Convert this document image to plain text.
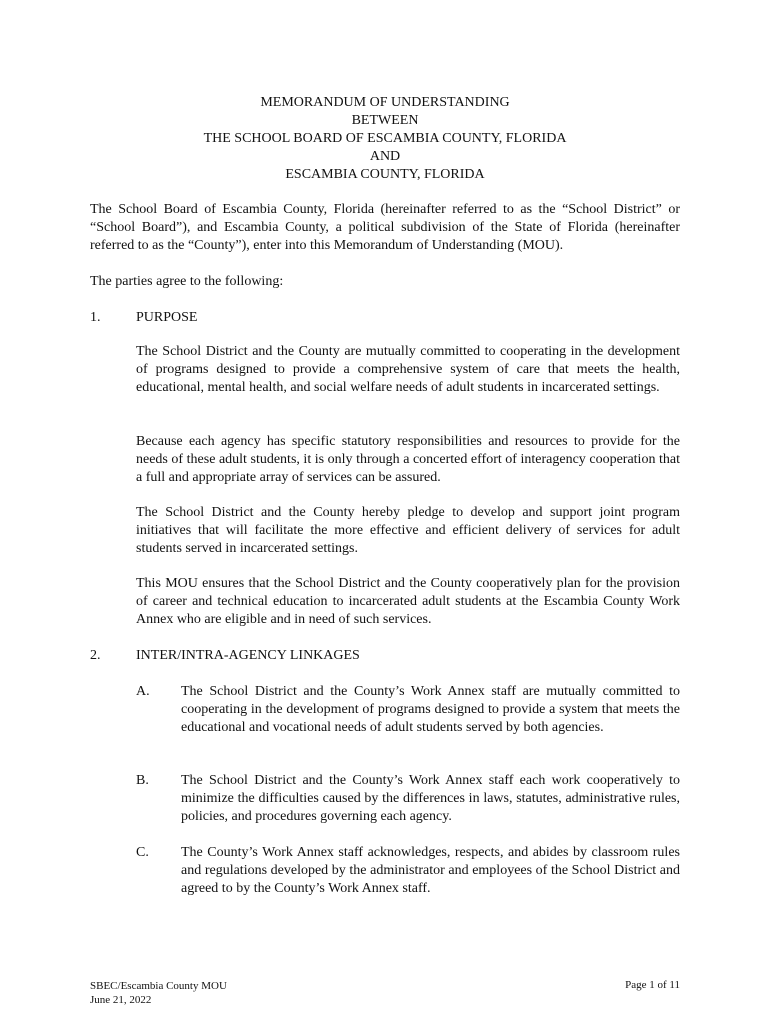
MEMORANDUM OF UNDERSTANDING
BETWEEN
THE SCHOOL BOARD OF ESCAMBIA COUNTY, FLORIDA
AND
ESCAMBIA COUNTY, FLORIDA

The School Board of Escambia County, Florida (hereinafter referred to as the “School District” or “School Board”), and Escambia County, a political subdivision of the State of Florida (hereinafter referred to as the “County”), enter into this Memorandum of Understanding (MOU).

The parties agree to the following:

1.	PURPOSE

The School District and the County are mutually committed to cooperating in the development of programs designed to provide a comprehensive system of care that meets the health, educational, mental health, and social welfare needs of adult students in incarcerated settings.

Because each agency has specific statutory responsibilities and resources to provide for the needs of these adult students, it is only through a concerted effort of interagency cooperation that a full and appropriate array of services can be assured.

The School District and the County hereby pledge to develop and support joint program initiatives that will facilitate the more effective and efficient delivery of services for adult students served in incarcerated settings.

This MOU ensures that the School District and the County cooperatively plan for the provision of career and technical education to incarcerated adult students at the Escambia County Work Annex who are eligible and in need of such services.

2.	INTER/INTRA-AGENCY LINKAGES
A. The School District and the County’s Work Annex staff are mutually committed to cooperating in the development of programs designed to provide a system that meets the educational and vocational needs of adult students served by both agencies.

B. The School District and the County’s Work Annex staff each work cooperatively to minimize the difficulties caused by the differences in laws, statutes, administrative rules, policies, and procedures governing each agency.

C. The County’s Work Annex staff acknowledges, respects, and abides by classroom rules and regulations developed by the administrator and employees of the School District and agreed to by the County’s Work Annex staff.

SBEC/Escambia County MOU
June 21, 2022
Page 1 of 11
